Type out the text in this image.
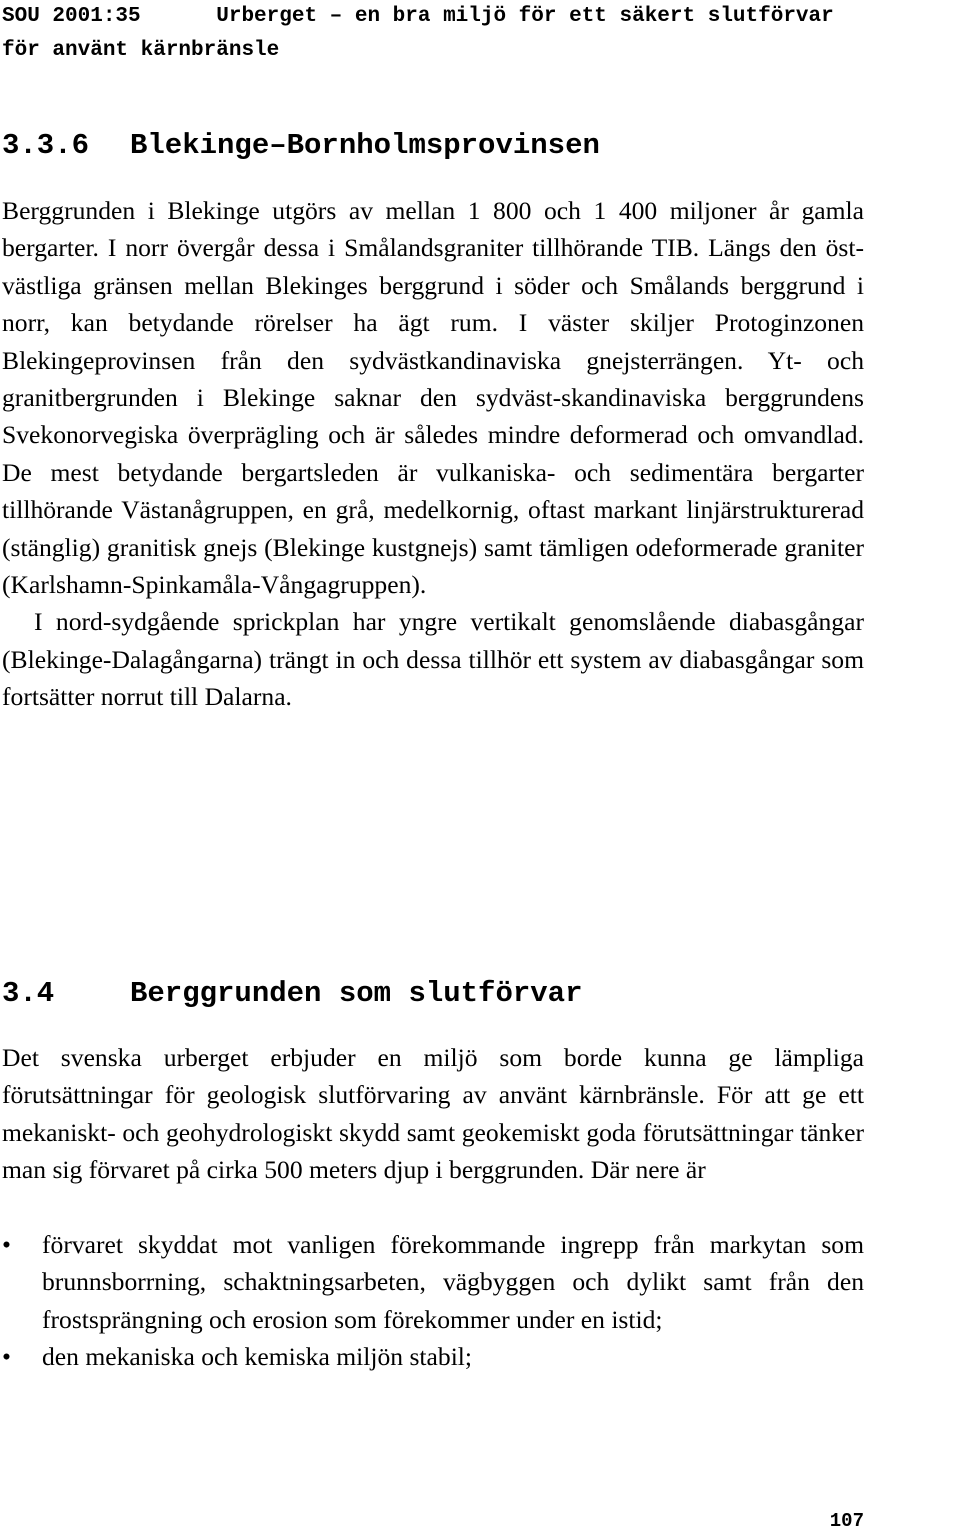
SOU 2001:35      Urberget – en bra miljö för ett säkert slutförvar
för använt kärnbränsle
3.3.6 Blekinge–Bornholmsprovinsen

Berggrunden i Blekinge utgörs av mellan 1 800 och 1 400 miljoner år gamla bergarter. I norr övergår dessa i Smålandsgraniter tillhörande TIB. Längs den öst-västliga gränsen mellan Blekinges berggrund i söder och Smålands berggrund i norr, kan betydande rörelser ha ägt rum. I väster skiljer Protoginzonen Blekingeprovinsen från den sydvästkandinaviska gnejsterrängen. Yt- och granitbergrunden i Blekinge saknar den sydväst-skandinaviska berggrundens Svekonorvegiska överprägling och är således mindre deformerad och omvandlad. De mest betydande bergartsleden är vulkaniska- och sedimentära bergarter tillhörande Västanågruppen, en grå, medelkornig, oftast markant linjärstrukturerad (stänglig) granitisk gnejs (Blekinge kustgnejs) samt tämligen odeformerade graniter (Karlshamn-Spinkamåla-Vångagruppen).

I nord-sydgående sprickplan har yngre vertikalt genomslående diabasgångar (Blekinge-Dalagångarna) trängt in och dessa tillhör ett system av diabasgångar som fortsätter norrut till Dalarna.

3.4	Berggrunden som slutförvar

Det svenska urberget erbjuder en miljö som borde kunna ge lämpliga förutsättningar för geologisk slutförvaring av använt kärnbränsle. För att ge ett mekaniskt- och geohydrologiskt skydd samt geokemiskt goda förutsättningar tänker man sig förvaret på cirka 500 meters djup i berggrunden. Där nere är

•	förvaret skyddat mot vanligen förekommande ingrepp från markytan som brunnsborrning, schaktningsarbeten, vägbyggen och dylikt samt från den frostsprängning och erosion som förekommer under en istid;
•	den mekaniska och kemiska miljön stabil;
107
